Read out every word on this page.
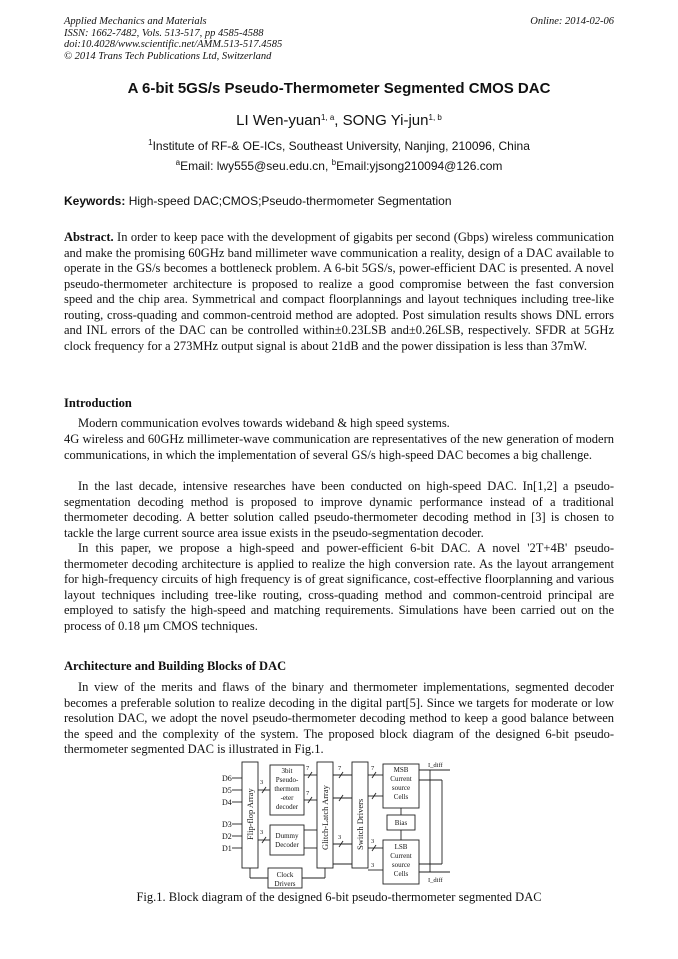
Applied Mechanics and Materials
ISSN: 1662-7482, Vols. 513-517, pp 4585-4588
doi:10.4028/www.scientific.net/AMM.513-517.4585
© 2014 Trans Tech Publications Ltd, Switzerland
Online: 2014-02-06
A 6-bit 5GS/s Pseudo-Thermometer Segmented CMOS DAC
LI Wen-yuan$^{1, a}$, SONG Yi-jun$^{1, b}$
$^1$Institute of RF-& OE-ICs, Southeast University, Nanjing, 210096, China
$^a$Email: lwy555@seu.edu.cn, $^b$Email:yjsong210094@126.com
Keywords: High-speed DAC;CMOS;Pseudo-thermometer Segmentation
Abstract. In order to keep pace with the development of gigabits per second (Gbps) wireless communication and make the promising 60GHz band millimeter wave communication a reality, design of a DAC available to operate in the GS/s becomes a bottleneck problem. A 6-bit 5GS/s, power-efficient DAC is presented. A novel pseudo-thermometer architecture is proposed to realize a good compromise between the fast conversion speed and the chip area. Symmetrical and compact floorplannings and layout techniques including tree-like routing, cross-quading and common-centroid method are adopted. Post simulation results shows DNL errors and INL errors of the DAC can be controlled within±0.23LSB and±0.26LSB, respectively. SFDR at 5GHz clock frequency for a 273MHz output signal is about 21dB and the power dissipation is less than 37mW.
Introduction
Modern communication evolves towards wideband & high speed systems.
4G wireless and 60GHz millimeter-wave communication are representatives of the new generation of modern communications, in which the implementation of several GS/s high-speed DAC becomes a big challenge.
In the last decade, intensive researches have been conducted on high-speed DAC. In[1,2] a pseudo-segmentation decoding method is proposed to improve dynamic performance instead of a traditional thermometer decoding. A better solution called pseudo-thermometer decoding method in [3] is chosen to tackle the large current source area issue exists in the pseudo-segmentation decoder.
In this paper, we propose a high-speed and power-efficient 6-bit DAC. A novel '2T+4B' pseudo-thermometer decoding architecture is applied to realize the high conversion rate. As the layout arrangement for high-frequency circuits of high frequency is of great significance, cost-effective floorplanning and various layout techniques including tree-like routing, cross-quading method and common-centroid principal are employed to satisfy the high-speed and matching requirements. Simulations have been carried out on the process of 0.18 μm CMOS techniques.
Architecture and Building Blocks of DAC
In view of the merits and flaws of the binary and thermometer implementations, segmented decoder becomes a preferable solution to realize decoding in the digital part[5]. Since we targets for moderate or low resolution DAC, we adopt the novel pseudo-thermometer decoding method to keep a good balance between the speed and the complexity of the system. The proposed block diagram of the designed 6-bit pseudo-thermometer segmented DAC is illustrated in Fig.1.
D6
D5
D4
D3
D2
D1
Flip-flop Array	Glitch-Latch Array	Switch Drivers
3bit
Pseudo-
thermom
-eter
decoder
Dummy
Decoder
Clock
Drivers
MSB
Current
source
Cells
Bias
LSB
Current
source
Cells
3
7
7
7	7
3
3
3
3
I_diff
I_diff
Fig.1. Block diagram of the designed 6-bit pseudo-thermometer segmented DAC
